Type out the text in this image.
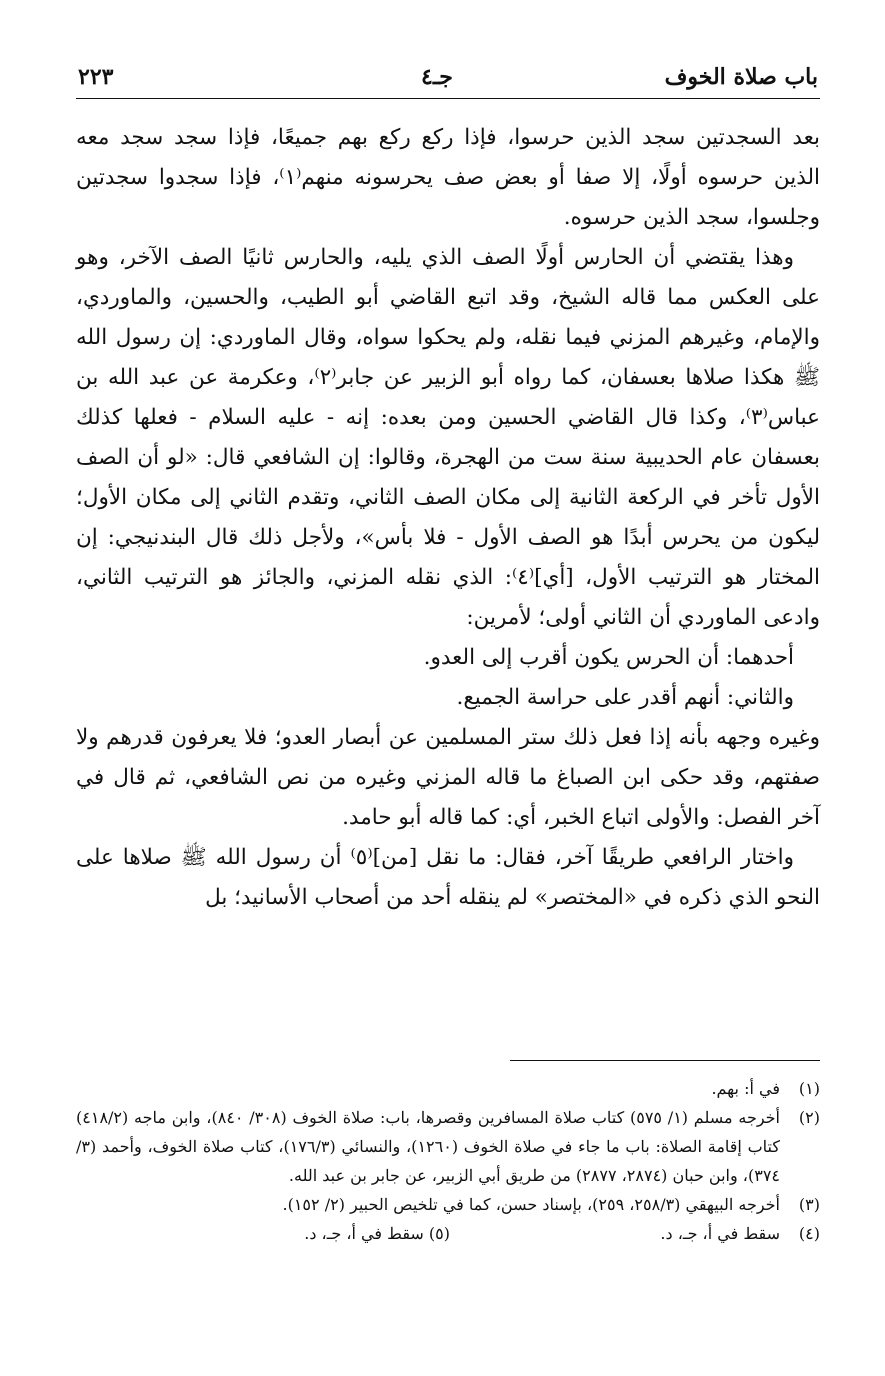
باب صلاة الخوف
جـ٤
٢٢٣

بعد السجدتين سجد الذين حرسوا، فإذا ركع ركع بهم جميعًا، فإذا سجد سجد معه الذين حرسوه أولًا، إلا صفا أو بعض صف يحرسونه منهم⁽١⁾، فإذا سجدوا سجدتين وجلسوا، سجد الذين حرسوه.

وهذا يقتضي أن الحارس أولًا الصف الذي يليه، والحارس ثانيًا الصف الآخر، وهو على العكس مما قاله الشيخ، وقد اتبع القاضي أبو الطيب، والحسين، والماوردي، والإمام، وغيرهم المزني فيما نقله، ولم يحكوا سواه، وقال الماوردي: إن رسول الله ﷺ هكذا صلاها بعسفان، كما رواه أبو الزبير عن جابر⁽٢⁾، وعكرمة عن عبد الله بن عباس⁽٣⁾، وكذا قال القاضي الحسين ومن بعده: إنه - عليه السلام - فعلها كذلك بعسفان عام الحديبية سنة ست من الهجرة، وقالوا: إن الشافعي قال: «لو أن الصف الأول تأخر في الركعة الثانية إلى مكان الصف الثاني، وتقدم الثاني إلى مكان الأول؛ ليكون من يحرس أبدًا هو الصف الأول - فلا بأس»، ولأجل ذلك قال البندنيجي: إن المختار هو الترتيب الأول، [أي]⁽٤⁾: الذي نقله المزني، والجائز هو الترتيب الثاني، وادعى الماوردي أن الثاني أولى؛ لأمرين:

أحدهما: أن الحرس يكون أقرب إلى العدو.

والثاني: أنهم أقدر على حراسة الجميع.

وغيره وجهه بأنه إذا فعل ذلك ستر المسلمين عن أبصار العدو؛ فلا يعرفون قدرهم ولا صفتهم، وقد حكى ابن الصباغ ما قاله المزني وغيره من نص الشافعي، ثم قال في آخر الفصل: والأولى اتباع الخبر، أي: كما قاله أبو حامد.

واختار الرافعي طريقًا آخر، فقال: ما نقل [من]⁽٥⁾ أن رسول الله ﷺ صلاها على النحو الذي ذكره في «المختصر» لم ينقله أحد من أصحاب الأسانيد؛ بل

(١)
في أ: بهم.
(٢)
أخرجه مسلم (١/ ٥٧٥) كتاب صلاة المسافرين وقصرها، باب: صلاة الخوف (٣٠٨/ ٨٤٠)، وابن ماجه (٤١٨/٢) كتاب إقامة الصلاة: باب ما جاء في صلاة الخوف (١٢٦٠)، والنسائي (١٧٦/٣)، كتاب صلاة الخوف، وأحمد (٣/ ٣٧٤)، وابن حبان (٢٨٧٤، ٢٨٧٧) من طريق أبي الزبير، عن جابر بن عبد الله.
(٣)
أخرجه البيهقي (٢٥٨/٣، ٢٥٩)، بإسناد حسن، كما في تلخيص الحبير (٢/ ١٥٢).
(٤)
سقط في أ، جـ، د.
(٥) سقط في أ، جـ، د.
